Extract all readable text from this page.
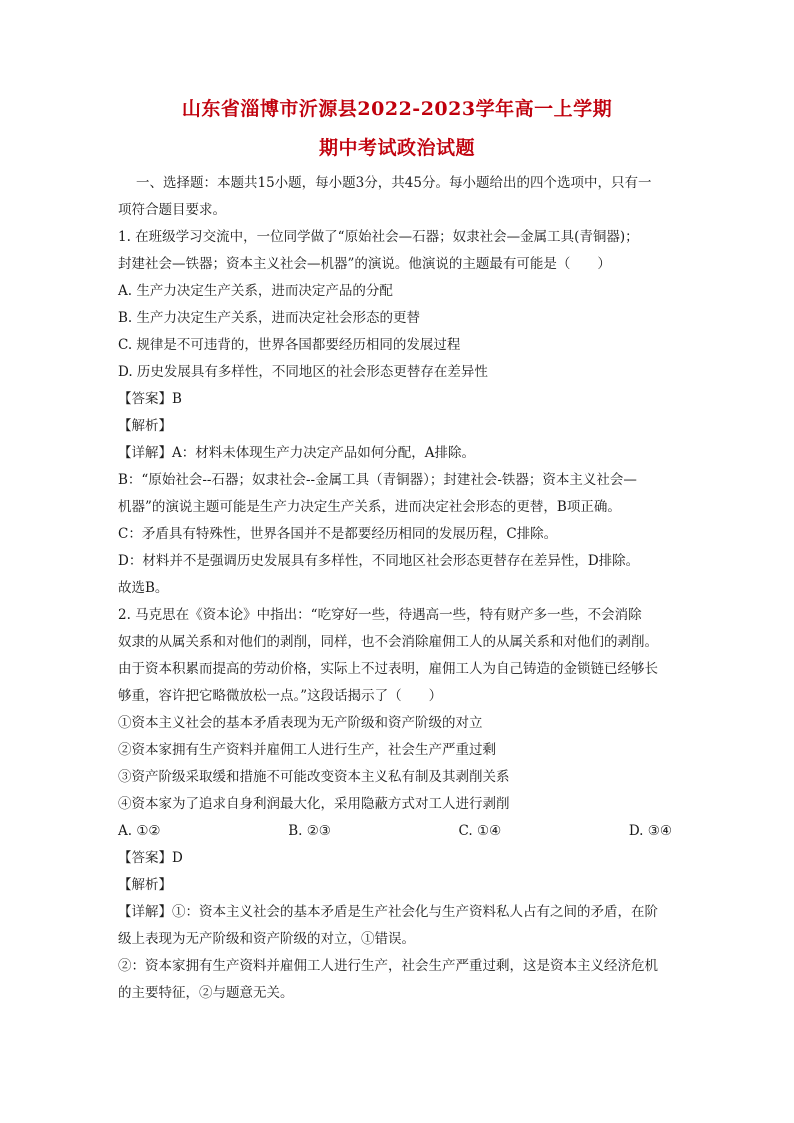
山东省淄博市沂源县2022-2023学年高一上学期
期中考试政治试题
一、选择题：本题共15小题，每小题3分，共45分。每小题给出的四个选项中，只有一
项符合题目要求。
1. 在班级学习交流中，一位同学做了“原始社会—石器；奴隶社会—金属工具(青铜器)；
封建社会—铁器；资本主义社会—机器”的演说。他演说的主题最有可能是（　　）
A. 生产力决定生产关系，进而决定产品的分配
B. 生产力决定生产关系，进而决定社会形态的更替
C. 规律是不可违背的，世界各国都要经历相同的发展过程
D. 历史发展具有多样性，不同地区的社会形态更替存在差异性
【答案】B
【解析】
【详解】A：材料未体现生产力决定产品如何分配，A排除。
B：“原始社会--石器；奴隶社会--金属工具（青铜器）；封建社会-铁器；资本主义社会—
机器”的演说主题可能是生产力决定生产关系，进而决定社会形态的更替，B项正确。
C：矛盾具有特殊性，世界各国并不是都要经历相同的发展历程，C排除。
D：材料并不是强调历史发展具有多样性，不同地区社会形态更替存在差异性，D排除。
故选B。
2. 马克思在《资本论》中指出：“吃穿好一些，待遇高一些，特有财产多一些，不会消除
奴隶的从属关系和对他们的剥削，同样，也不会消除雇佣工人的从属关系和对他们的剥削。
由于资本积累而提高的劳动价格，实际上不过表明，雇佣工人为自己铸造的金锁链已经够长
够重，容许把它略微放松一点。”这段话揭示了（　　）
①资本主义社会的基本矛盾表现为无产阶级和资产阶级的对立
②资本家拥有生产资料并雇佣工人进行生产，社会生产严重过剩
③资产阶级采取缓和措施不可能改变资本主义私有制及其剥削关系
④资本家为了追求自身利润最大化，采用隐蔽方式对工人进行剥削
A. ①②	B. ②③	C. ①④	D. ③④
【答案】D
【解析】
【详解】①：资本主义社会的基本矛盾是生产社会化与生产资料私人占有之间的矛盾，在阶
级上表现为无产阶级和资产阶级的对立，①错误。
②：资本家拥有生产资料并雇佣工人进行生产，社会生产严重过剩，这是资本主义经济危机
的主要特征，②与题意无关。
